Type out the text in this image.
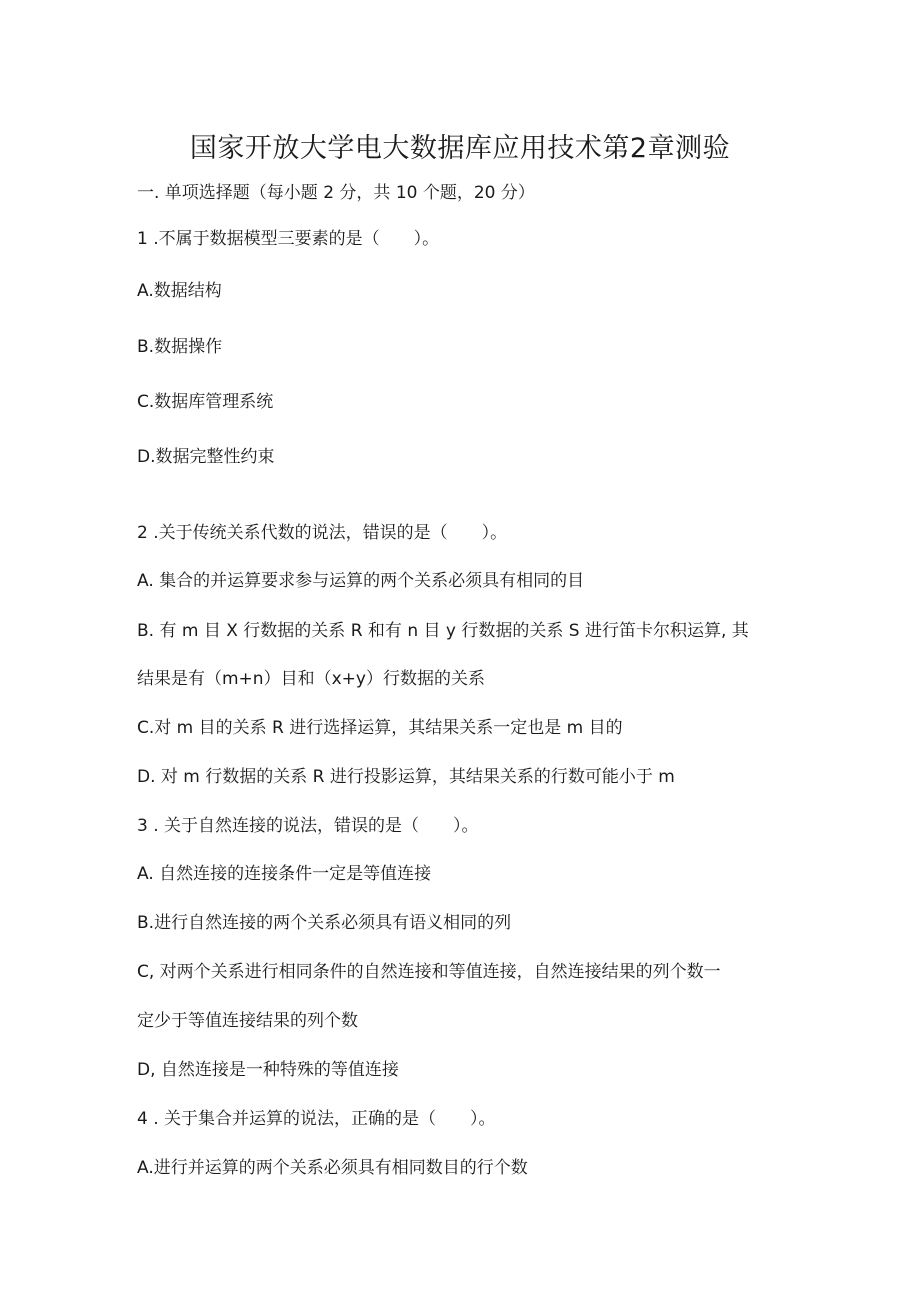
国家开放大学电大数据库应用技术第2章测验
一. 单项选择题（每小题 2 分，共 10 个题，20 分）
1 .不属于数据模型三要素的是（　　）。
A.数据结构
B.数据操作
C.数据库管理系统
D.数据完整性约束
2 .关于传统关系代数的说法，错误的是（　　）。
A. 集合的并运算要求参与运算的两个关系必须具有相同的目
B. 有 m 目 X 行数据的关系 R 和有 n 目 y 行数据的关系 S 进行笛卡尔积运算, 其
结果是有（m+n）目和（x+y）行数据的关系
C.对 m 目的关系 R 进行选择运算，其结果关系一定也是 m 目的
D. 对 m 行数据的关系 R 进行投影运算，其结果关系的行数可能小于 m
3 . 关于自然连接的说法，错误的是（　　）。
A. 自然连接的连接条件一定是等值连接
B.进行自然连接的两个关系必须具有语义相同的列
C, 对两个关系进行相同条件的自然连接和等值连接，自然连接结果的列个数一
定少于等值连接结果的列个数
D, 自然连接是一种特殊的等值连接
4 . 关于集合并运算的说法，正确的是（　　）。
A.进行并运算的两个关系必须具有相同数目的行个数
